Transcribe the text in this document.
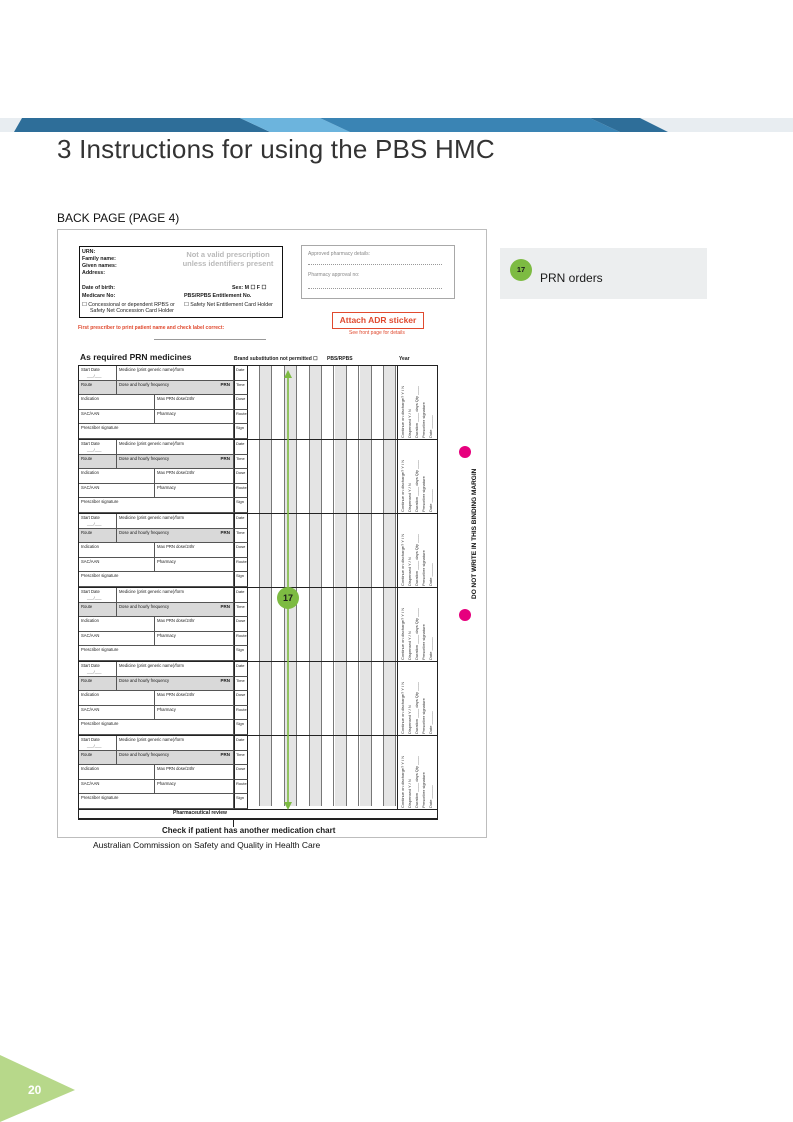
3 Instructions for using the PBS HMC
BACK PAGE (PAGE 4)
URN:
Family name:
Given names:
Address:
Date of birth:	Sex: M ☐ F ☐
Medicare No:	PBS/RPBS Entitlement No.
☐ Concessional or dependent RPBS or
Safety Net Concession Card Holder
☐ Safety Net Entitlement Card Holder
Not a valid prescription unless identifiers present
Approved pharmacy details:
Pharmacy approval no:
Attach ADR sticker
See front page for details
First prescriber to print patient name and check label correct:
As required PRN medicines	Brand substitution not permitted ☐ PBS/RPBS	Year
Start Date	Medicine (print generic name)/form	Date
Route	Dose and hourly frequency	PRN	Time
Indication	Max PRN dose/24hr	Dose
SAC/AAN	Pharmacy	Route
Prescriber signature	Sign
___/___
Continue on discharge? Y / N Dispensed Y / N Duration ____ days Qty ____ Prescriber signature Date ______
Start Date	Medicine (print generic name)/form	Date
Route	Dose and hourly frequency	PRN	Time
Indication	Max PRN dose/24hr	Dose
SAC/AAN	Pharmacy	Route
Prescriber signature	Sign
___/___
Continue on discharge? Y / N Dispensed Y / N Duration ____ days Qty ____ Prescriber signature Date ______
Start Date	Medicine (print generic name)/form	Date
Route	Dose and hourly frequency	PRN	Time
Indication	Max PRN dose/24hr	Dose
SAC/AAN	Pharmacy	Route
Prescriber signature	Sign
___/___
Continue on discharge? Y / N Dispensed Y / N Duration ____ days Qty ____ Prescriber signature Date ______
Start Date	Medicine (print generic name)/form	Date
Route	Dose and hourly frequency	PRN	Time
Indication	Max PRN dose/24hr	Dose
SAC/AAN	Pharmacy	Route
Prescriber signature	Sign
___/___
Continue on discharge? Y / N Dispensed Y / N Duration ____ days Qty ____ Prescriber signature Date ______
Start Date	Medicine (print generic name)/form	Date
Route	Dose and hourly frequency	PRN	Time
Indication	Max PRN dose/24hr	Dose
SAC/AAN	Pharmacy	Route
Prescriber signature	Sign
___/___
Continue on discharge? Y / N Dispensed Y / N Duration ____ days Qty ____ Prescriber signature Date ______
Start Date	Medicine (print generic name)/form	Date
Route	Dose and hourly frequency	PRN	Time
Indication	Max PRN dose/24hr	Dose
SAC/AAN	Pharmacy	Route
Prescriber signature	Sign
___/___
Continue on discharge? Y / N Dispensed Y / N Duration ____ days Qty ____ Prescriber signature Date ______
17
Pharmaceutical review
Check if patient has another medication chart
DO NOT WRITE IN THIS BINDING MARGIN
17
PRN orders
Australian Commission on Safety and Quality in Health Care
20
